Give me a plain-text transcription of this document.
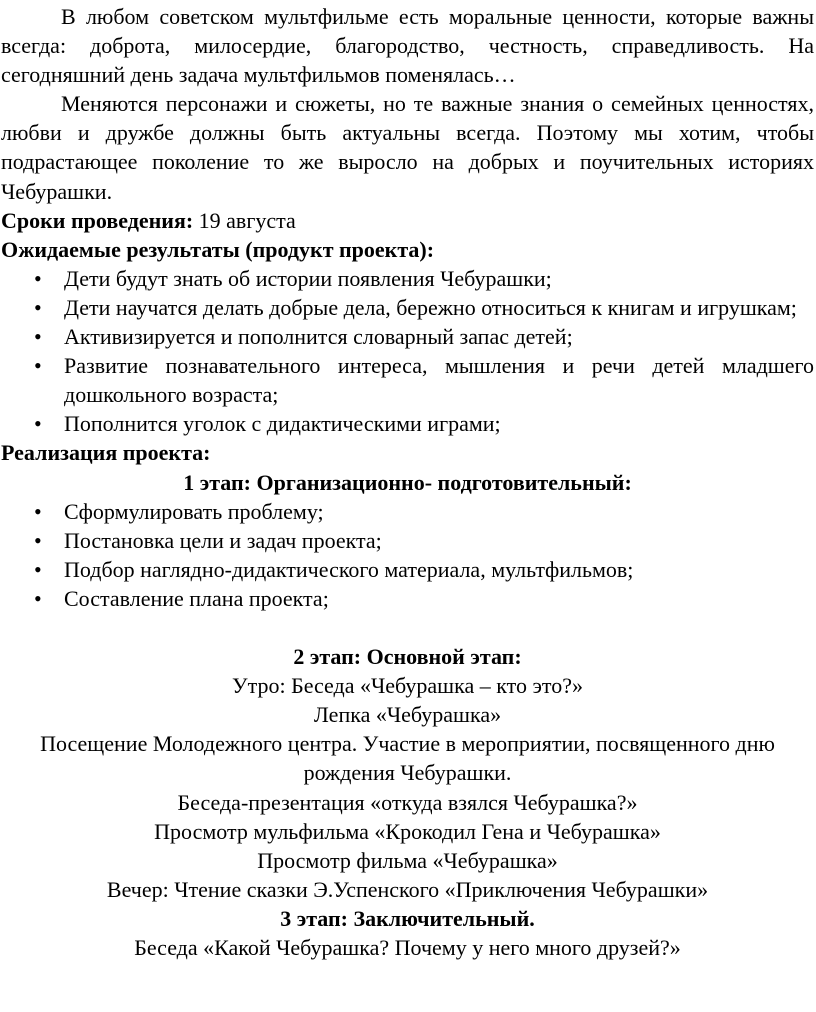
В любом советском мультфильме есть моральные ценности, которые важны всегда: доброта, милосердие, благородство, честность, справедливость. На сегодняшний день задача мультфильмов поменялась…

Меняются персонажи и сюжеты, но те важные знания о семейных ценностях, любви и дружбе должны быть актуальны всегда. Поэтому мы хотим, чтобы подрастающее поколение то же выросло на добрых и поучительных историях Чебурашки.

Сроки проведения: 19 августа

Ожидаемые результаты (продукт проекта):

• Дети будут знать об истории появления Чебурашки;
• Дети научатся делать добрые дела, бережно относиться к книгам и игрушкам;
• Активизируется и пополнится словарный запас детей;
• Развитие познавательного интереса, мышления и речи детей младшего дошкольного возраста;
• Пополнится уголок с дидактическими играми;

Реализация проекта:

1 этап: Организационно- подготовительный:

• Сформулировать проблему;
• Постановка цели и задач проекта;
• Подбор наглядно-дидактического материала, мультфильмов;
• Составление плана проекта;

2 этап: Основной этап:

Утро: Беседа «Чебурашка – кто это?»

Лепка «Чебурашка»

Посещение Молодежного центра. Участие в мероприятии, посвященного дню рождения Чебурашки.

Беседа-презентация «откуда взялся Чебурашка?»

Просмотр мульфильма «Крокодил Гена и Чебурашка»

Просмотр фильма «Чебурашка»

Вечер: Чтение сказки Э.Успенского «Приключения Чебурашки»

3 этап: Заключительный.

Беседа «Какой Чебурашка? Почему у него много друзей?»
